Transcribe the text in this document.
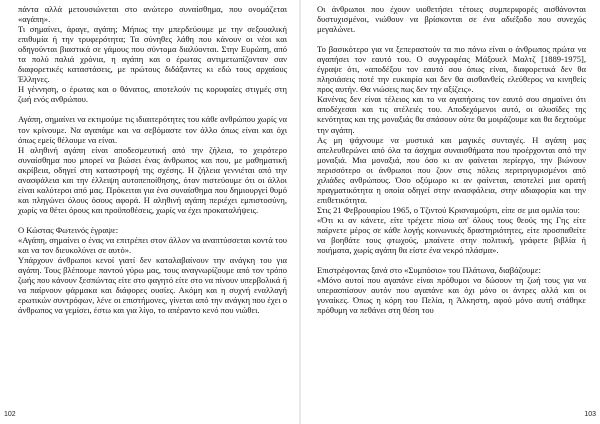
πάντα αλλά μετουσιώνεται στο ανώτερο συναίσθημα, που ονομάζεται «αγάπη».

Τι σημαίνει, άραγε, αγάπη; Μήπως την μπερδεύουμε με την σεξουαλική επιθυμία ή την τρυφερότητα; Τα σύνηθες λάθη που κάνουν οι νέοι και οδηγούνται βιαστικά σε γάμους που σύντομα διαλύονται. Στην Ευρώπη, από τα πολύ παλιά χρόνια, η αγάπη και ο έρωτας αντιμετωπίζονταν σαν διαφορετικές καταστάσεις, με πρώτους διδάξαντες κι εδώ τους αρχαίους Έλληνες.

Η γέννηση, ο έρωτας και ο θάνατος, αποτελούν τις κορυφαίες στιγμές στη ζωή ενός ανθρώπου.

Αγάπη, σημαίνει να εκτιμούμε τις ιδιαιτερότητες του κάθε ανθρώπου χωρίς να τον κρίνουμε. Να αγαπάμε και να σεβόμαστε τον άλλο όπως είναι και όχι όπως εμείς θέλουμε να είναι.

Η αληθινή αγάπη είναι αποδεσμευτική από την ζήλεια, το χειρότερο συναίσθημα που μπορεί να βιώσει ένας άνθρωπος και που, με μαθηματική ακρίβεια, οδηγεί στη καταστροφή της σχέσης. Η ζήλεια γεννιέται από την ανασφάλεια και την έλλειψη αυτοπεποίθησης, όταν πιστεύουμε ότι οι άλλοι είναι καλύτεροι από μας. Πρόκειται για ένα συναίσθημα που δημιουργεί θυμό και πληγώνει όλους όσους αφορά. Η αληθινή αγάπη περιέχει εμπιστοσύνη, χωρίς να θέτει όρους και προϋποθέσεις, χωρίς να έχει προκαταλήψεις.

Ο Κώστας Φωτεινός έγραψε:

«Αγάπη, σημαίνει ο ένας να επιτρέπει στον άλλον να αναπτύσσεται κοντά του και να τον διευκολύνει σε αυτό».

Υπάρχουν άνθρωποι κενοί γιατί δεν καταλαβαίνουν την ανάγκη του για αγάπη. Τους βλέπουμε παντού γύρω μας, τους αναγνωρίζουμε από τον τρόπο ζωής που κάνουν ξεσπώντας είτε στο φαγητό είτε στο να πίνουν υπερβολικά ή να παίρνουν φάρμακα και διάφορες ουσίες. Ακόμη και η συχνή εναλλαγή ερωτικών συντρόφων, λένε οι επιστήμονες, γίνεται από την ανάγκη που έχει ο άνθρωπος να γεμίσει, έστω και για λίγο, το απέραντο κενό που νιώθει.

102

Οι άνθρωποι που έχουν υιοθετήσει τέτοιες συμπεριφορές αισθάνονται δυστυχισμένοι, νιώθουν να βρίσκονται σε ένα αδιέξοδο που συνεχώς μεγαλώνει.

Το βασικότερο για να ξεπεραστούν τα πιο πάνω είναι ο άνθρωπος πρώτα να αγαπήσει τον εαυτό του. Ο συγγραφέας Μάξουελ Μαλτζ [1889-1975], έγραψε ότι, «αποδέξου τον εαυτό σου όπως είναι, διαφορετικά δεν θα πλησιάσεις ποτέ την ευκαιρία και δεν θα αισθανθείς ελεύθερος να κινηθείς προς αυτήν. Θα νιώσεις πως δεν την αξίζεις».

Κανένας δεν είναι τέλειος και το να αγαπήσεις τον εαυτό σου σημαίνει ότι αποδέχεσαι και τις ατέλειές του. Αποδεχόμενοι αυτό, οι αλυσίδες της κενότητας και της μοναξιάς θα σπάσουν ούτε θα μοιράζουμε και θα δεχτούμε την αγάπη.

Ας μη ψάχνουμε να μυστικά και μαγικές συνταγές. Η αγάπη μας απελευθερώνει από όλα τα άσχημα συναισθήματα που προέρχονται από την μοναξιά. Μια μοναξιά, που όσο κι αν φαίνεται περίεργο, την βιώνουν περισσότερο οι άνθρωποι που ζουν στις πόλεις περιτριγυρισμένοι από χιλιάδες ανθρώπους. Όσο οξύμωρο κι αν φαίνεται, αποτελεί μια ορατή πραγματικότητα η οποία οδηγεί στην ανασφάλεια, στην αδιαφορία και την επιθετικότητα.

Στις 21 Φεβρουαρίου 1965, ο Τζιντού Κρισναμούρτι, είπε σε μια ομιλία του:

«Ότι κι αν κάνετε, είτε τρέχετε πίσω απ' όλους τους θεούς της Γης είτε παίρνετε μέρος σε κάθε λογής κοινωνικές δραστηριότητες, είτε προσπαθείτε να βοηθάτε τους φτωχούς, μπαίνετε στην πολιτική, γράφετε βιβλία ή ποιήματα, χωρίς αγάπη θα είστε ένα νεκρό πλάσμα».

Επιστρέφοντας ξανά στο «Συμπόσιο» του Πλάτωνα, διαβάζουμε:

«Μόνο αυτοί που αγαπάνε είναι πρόθυμοι να δώσουν τη ζωή τους για να υπερασπίσουν αυτόν που αγαπάνε και όχι μόνο οι άντρες αλλά και οι γυναίκες. Όπως η κόρη του Πελία, η Άλκηστη, αφού μόνο αυτή στάθηκε πρόθυμη να πεθάνει στη θέση του

103
